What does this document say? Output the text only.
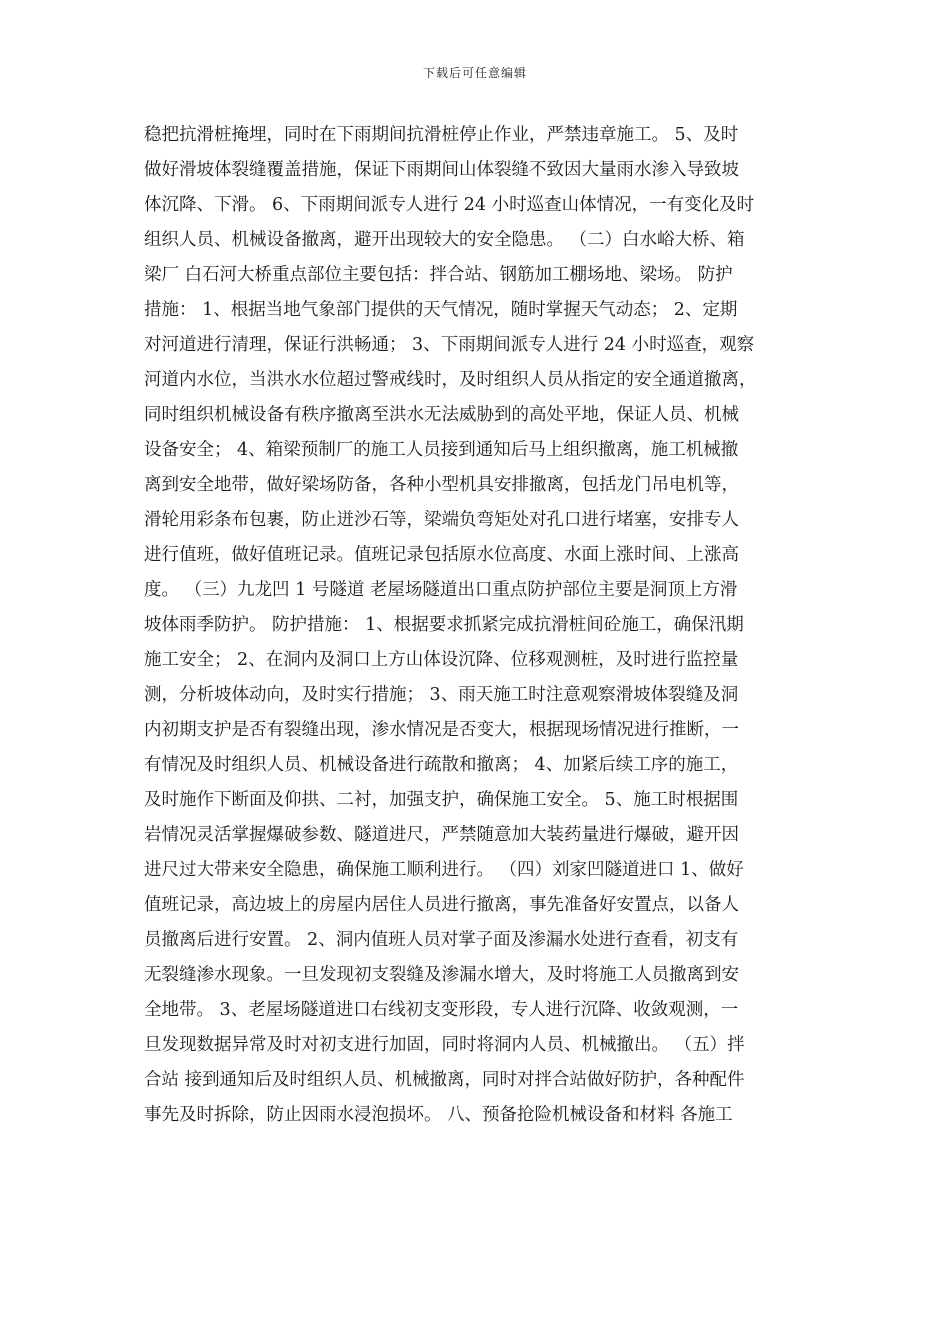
下载后可任意编辑
稳把抗滑桩掩埋，同时在下雨期间抗滑桩停止作业，严禁违章施工。 5、及时
做好滑坡体裂缝覆盖措施，保证下雨期间山体裂缝不致因大量雨水渗入导致坡
体沉降、下滑。 6、下雨期间派专人进行 24 小时巡查山体情况，一有变化及时
组织人员、机械设备撤离，避开出现较大的安全隐患。 （二）白水峪大桥、箱
梁厂 白石河大桥重点部位主要包括：拌合站、钢筋加工棚场地、梁场。 防护
措施： 1、根据当地气象部门提供的天气情况，随时掌握天气动态； 2、定期
对河道进行清理，保证行洪畅通； 3、下雨期间派专人进行 24 小时巡查，观察
河道内水位，当洪水水位超过警戒线时，及时组织人员从指定的安全通道撤离，
同时组织机械设备有秩序撤离至洪水无法威胁到的高处平地，保证人员、机械
设备安全； 4、箱梁预制厂的施工人员接到通知后马上组织撤离，施工机械撤
离到安全地带，做好梁场防备，各种小型机具安排撤离，包括龙门吊电机等，
滑轮用彩条布包裹，防止迸沙石等，梁端负弯矩处对孔口进行堵塞，安排专人
进行值班，做好值班记录。值班记录包括原水位高度、水面上涨时间、上涨高
度。 （三）九龙凹 1 号隧道 老屋场隧道出口重点防护部位主要是洞顶上方滑
坡体雨季防护。 防护措施： 1、根据要求抓紧完成抗滑桩间砼施工，确保汛期
施工安全； 2、在洞内及洞口上方山体设沉降、位移观测桩，及时进行监控量
测，分析坡体动向，及时实行措施； 3、雨天施工时注意观察滑坡体裂缝及洞
内初期支护是否有裂缝出现，渗水情况是否变大，根据现场情况进行推断，一
有情况及时组织人员、机械设备进行疏散和撤离； 4、加紧后续工序的施工，
及时施作下断面及仰拱、二衬，加强支护，确保施工安全。 5、施工时根据围
岩情况灵活掌握爆破参数、隧道进尺，严禁随意加大装药量进行爆破，避开因
进尺过大带来安全隐患，确保施工顺利进行。 （四）刘家凹隧道进口 1、做好
值班记录，高边坡上的房屋内居住人员进行撤离，事先准备好安置点，以备人
员撤离后进行安置。 2、洞内值班人员对掌子面及渗漏水处进行查看，初支有
无裂缝渗水现象。一旦发现初支裂缝及渗漏水增大，及时将施工人员撤离到安
全地带。 3、老屋场隧道进口右线初支变形段，专人进行沉降、收敛观测，一
旦发现数据异常及时对初支进行加固，同时将洞内人员、机械撤出。 （五）拌
合站 接到通知后及时组织人员、机械撤离，同时对拌合站做好防护，各种配件
事先及时拆除，防止因雨水浸泡损坏。 八、预备抢险机械设备和材料 各施工
